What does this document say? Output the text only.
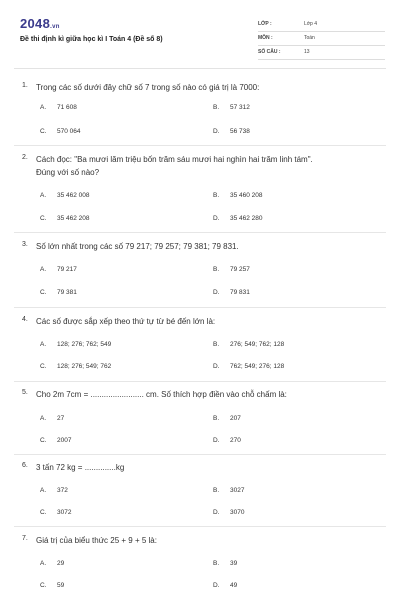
2048.vn
Đề thi định kì giữa học kì I Toán 4 (Đề số 8)
LỚP :	Lớp 4
MÔN :	Toán
SỐ CÂU :	13
1. Trong các số dưới đây chữ số 7 trong số nào có giá trị là 7000:
A. 71 608	B. 57 312
C. 570 064	D. 56 738
2. Cách đọc: "Ba mươi lăm triệu bốn trăm sáu mươi hai nghìn hai trăm linh tám".
Đúng với số nào?
A. 35 462 008	B. 35 460 208
C. 35 462 208	D. 35 462 280
3. Số lớn nhất trong các số 79 217; 79 257; 79 381; 79 831.
A. 79 217	B. 79 257
C. 79 381	D. 79 831
4. Các số được sắp xếp theo thứ tự từ bé đến lớn là:
A. 128; 276; 762; 549	B. 276; 549; 762; 128
C. 128; 276; 549; 762	D. 762; 549; 276; 128
5. Cho 2m 7cm = ........................ cm. Số thích hợp điền vào chỗ chấm là:
A. 27	B. 207
C. 2007	D. 270
6. 3 tấn 72 kg = ..............kg
A. 372	B. 3027
C. 3072	D. 3070
7. Giá trị của biểu thức 25 + 9 + 5 là:
A. 29	B. 39
C. 59	D. 49
